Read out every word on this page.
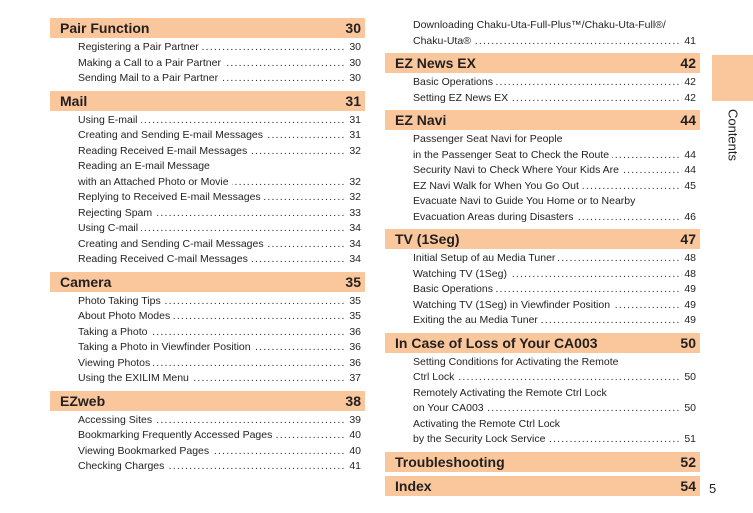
Pair Function	30
.....
Registering a Pair Partner	30
.....
Making a Call to a Pair Partner	30
.....
Sending Mail to a Pair Partner	30
Mail	31
.....
Using E-mail	31
.....
Creating and Sending E-mail Messages	31
.....
Reading Received E-mail Messages	32
Reading an E-mail Message
.....
with an Attached Photo or Movie	32
.....
Replying to Received E-mail Messages	32
.....
Rejecting Spam	33
.....
Using C-mail	34
.....
Creating and Sending C-mail Messages	34
.....
Reading Received C-mail Messages	34
Camera	35
.....
Photo Taking Tips	35
.....
About Photo Modes	35
.....
Taking a Photo	36
.....
Taking a Photo in Viewfinder Position	36
.....
Viewing Photos	36
.....
Using the EXILIM Menu	37
EZweb	38
.....
Accessing Sites	39
.....
Bookmarking Frequently Accessed Pages	40
.....
Viewing Bookmarked Pages	40
.....
Checking Charges	41
Downloading Chaku-Uta-Full-Plus™/Chaku-Uta-Full®/
.....
Chaku-Uta®	41
EZ News EX	42
.....
Basic Operations	42
.....
Setting EZ News EX	42
EZ Navi	44
Passenger Seat Navi for People
.....
in the Passenger Seat to Check the Route	44
.....
Security Navi to Check Where Your Kids Are	44
.....
EZ Navi Walk for When You Go Out	45
Evacuate Navi to Guide You Home or to Nearby
.....
Evacuation Areas during Disasters	46
TV (1Seg)	47
.....
Initial Setup of au Media Tuner	48
.....
Watching TV (1Seg)	48
.....
Basic Operations	49
.....
Watching TV (1Seg) in Viewfinder Position	49
.....
Exiting the au Media Tuner	49
In Case of Loss of Your CA003	50
Setting Conditions for Activating the Remote
.....
Ctrl Lock	50
Remotely Activating the Remote Ctrl Lock
.....
on Your CA003	50
Activating the Remote Ctrl Lock
.....
by the Security Lock Service	51
Troubleshooting	52
Index	54
Contents
5
